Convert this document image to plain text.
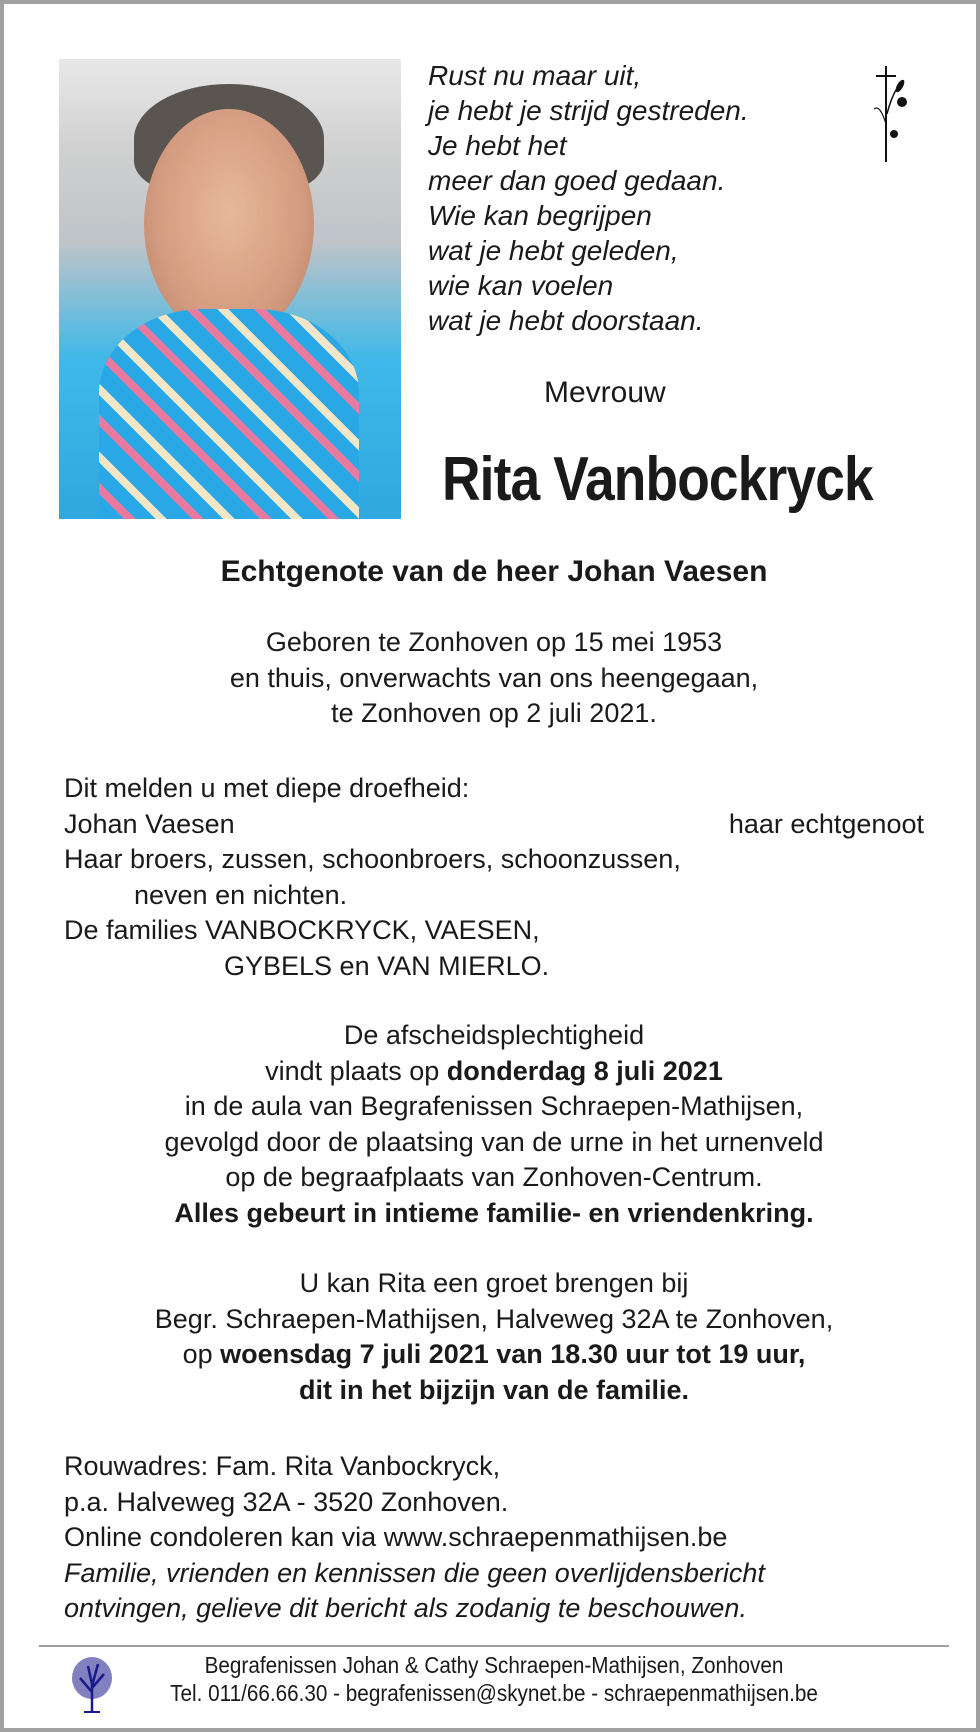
Rust nu maar uit,
je hebt je strijd gestreden.
Je hebt het
meer dan goed gedaan.
Wie kan begrijpen
wat je hebt geleden,
wie kan voelen
wat je hebt doorstaan.
Mevrouw
Rita Vanbockryck
Echtgenote van de heer Johan Vaesen
Geboren te Zonhoven op 15 mei 1953
en thuis, onverwachts van ons heengegaan,
te Zonhoven op 2 juli 2021.
Dit melden u met diepe droefheid:
Johan Vaesen	haar echtgenoot
Haar broers, zussen, schoonbroers, schoonzussen,
neven en nichten.
De families VANBOCKRYCK, VAESEN,
GYBELS en VAN MIERLO.
De afscheidsplechtigheid
vindt plaats op donderdag 8 juli 2021
in de aula van Begrafenissen Schraepen-Mathijsen,
gevolgd door de plaatsing van de urne in het urnenveld
op de begraafplaats van Zonhoven-Centrum.
Alles gebeurt in intieme familie- en vriendenkring.
U kan Rita een groet brengen bij
Begr. Schraepen-Mathijsen, Halveweg 32A te Zonhoven,
op woensdag 7 juli 2021 van 18.30 uur tot 19 uur,
dit in het bijzijn van de familie.
Rouwadres: Fam. Rita Vanbockryck,
p.a. Halveweg 32A - 3520 Zonhoven.
Online condoleren kan via www.schraepenmathijsen.be
Familie, vrienden en kennissen die geen overlijdensbericht
ontvingen, gelieve dit bericht als zodanig te beschouwen.
Begrafenissen Johan & Cathy Schraepen-Mathijsen, Zonhoven
Tel. 011/66.66.30 - begrafenissen@skynet.be - schraepenmathijsen.be
